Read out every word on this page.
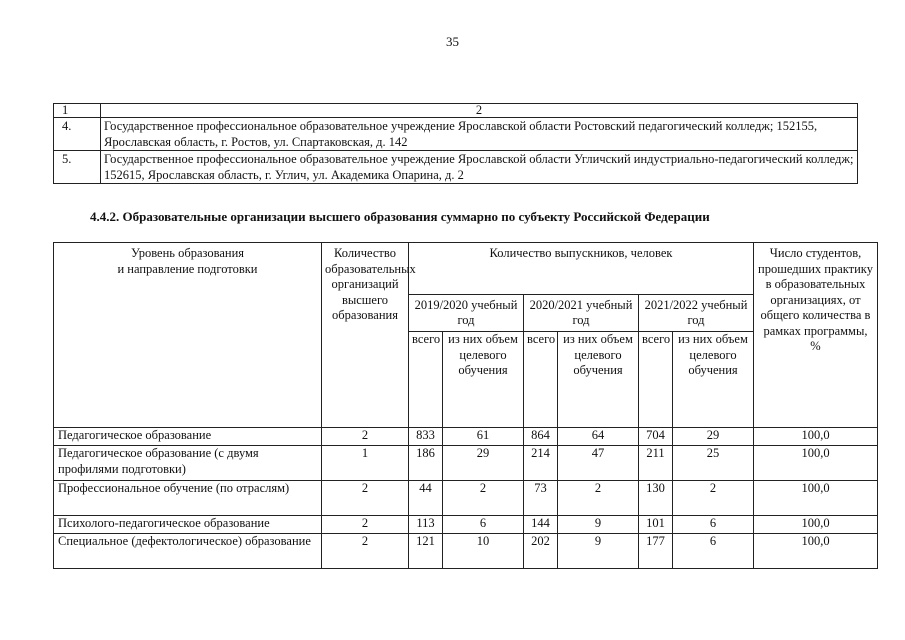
35
1	2
4.	Государственное профессиональное образовательное учреждение Ярославской области Ростовский педагогический колледж; 152155, Ярославская область, г. Ростов, ул. Спартаковская, д. 142
5.	Государственное профессиональное образовательное учреждение Ярославской области Угличский индустриально-педагогический колледж; 152615, Ярославская область, г. Углич, ул. Академика Опарина, д. 2
4.4.2. Образовательные организации высшего образования суммарно по субъекту Российской Федерации
Уровень образования
и направление подготовки	Количество образовательных организаций высшего образования	Количество выпускников, человек						Число студентов, прошедших практику в образовательных организациях, от общего количества в рамках программы, %
		2019/2020 учебный год		2020/2021 учебный год		2021/2022 учебный год		
		всего	из них объем целевого обучения	всего	из них объем целевого обучения	всего	из них объем целевого обучения	
Педагогическое образование	2	833	61	864	64	704	29	100,0
Педагогическое образование (с двумя профилями подготовки)	1	186	29	214	47	211	25	100,0
Профессиональное обучение (по отраслям)	2	44	2	73	2	130	2	100,0
Психолого-педагогическое образование	2	113	6	144	9	101	6	100,0
Специальное (дефектологическое) образование	2	121	10	202	9	177	6	100,0
